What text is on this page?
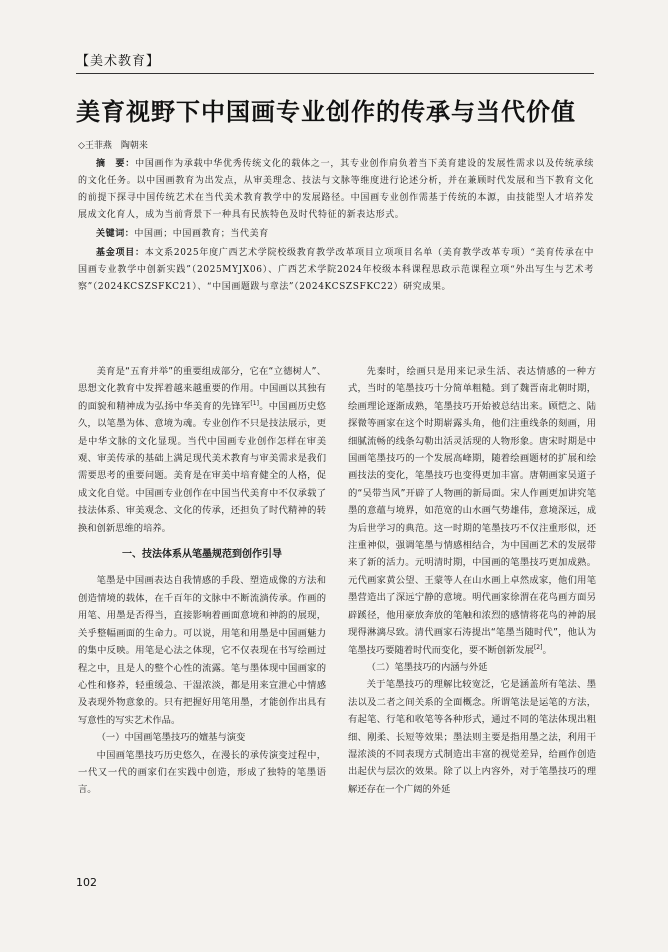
【美术教育】
美育视野下中国画专业创作的传承与当代价值
◇王菲燕　陶朝来

摘　要：中国画作为承载中华优秀传统文化的载体之一，其专业创作肩负着当下美育建设的发展性需求以及传统承续的文化任务。以中国画教育为出发点，从审美理念、技法与文脉等维度进行论述分析，并在兼顾时代发展和当下教育文化的前提下探寻中国传统艺术在当代美术教育教学中的发展路径。中国画专业创作需基于传统的本源，由技能型人才培养发展成文化育人，成为当前背景下一种具有民族特色及时代特征的新表达形式。

关键词：中国画；中国画教育；当代美育

基金项目：本文系2025年度广西艺术学院校级教育教学改革项目立项项目名单（美育教学改革专项）“美育传承在中国画专业教学中创新实践”（2025MYJX06）、广西艺术学院2024年校级本科课程思政示范课程立项“外出写生与艺术考察”（2024KCSZSFKC21）、“中国画题跋与章法”（2024KCSZSFKC22）研究成果。

美育是“五育并举”的重要组成部分，它在“立德树人”、思想文化教育中发挥着越来越重要的作用。中国画以其独有的面貌和精神成为弘扬中华美育的先锋军[1]。中国画历史悠久，以笔墨为体、意境为魂。专业创作不只是技法展示，更是中华文脉的文化显现。当代中国画专业创作怎样在审美观、审美传承的基础上满足现代美术教育与审美需求是我们需要思考的重要问题。美育是在审美中培育健全的人格，促成文化自觉。中国画专业创作在中国当代美育中不仅承载了技法体系、审美观念、文化的传承，还担负了时代精神的转换和创新思维的培养。

一、技法体系从笔墨规范到创作引导

笔墨是中国画表达自我情感的手段、塑造成像的方法和创造情境的载体，在千百年的文脉中不断流淌传承。作画的用笔、用墨是否得当，直接影响着画面意境和神韵的展现，关乎整幅画面的生命力。可以说，用笔和用墨是中国画魅力的集中反映。用笔是心法之体现，它不仅表现在书写绘画过程之中，且是人的整个心性的流露。笔与墨体现中国画家的心性和修养，轻重缓急、干湿浓淡，都是用来宣泄心中情感及表现外物意象的。只有把握好用笔用墨，才能创作出具有写意性的写实艺术作品。

（一）中国画笔墨技巧的嬗基与演变

中国画笔墨技巧历史悠久，在漫长的承传演变过程中，一代又一代的画家们在实践中创造，形成了独特的笔墨语言。

先秦时，绘画只是用来记录生活、表达情感的一种方式，当时的笔墨技巧十分简单粗糙。到了魏晋南北朝时期，绘画理论逐渐成熟，笔墨技巧开始被总结出来。顾恺之、陆探微等画家在这个时期崭露头角，他们注重线条的刻画，用细腻流畅的线条勾勒出活灵活现的人物形象。唐宋时期是中国画笔墨技巧的一个发展高峰期，随着绘画题材的扩展和绘画技法的变化，笔墨技巧也变得更加丰富。唐朝画家吴道子的“吴带当风”开辟了人物画的新局面。宋人作画更加讲究笔墨的意蕴与境界，如范宽的山水画气势雄伟，意境深远，成为后世学习的典范。这一时期的笔墨技巧不仅注重形似，还注重神似，强调笔墨与情感相结合，为中国画艺术的发展带来了新的活力。元明清时期，中国画的笔墨技巧更加成熟。元代画家黄公望、王蒙等人在山水画上卓然成家，他们用笔墨营造出了深远宁静的意境。明代画家徐渭在花鸟画方面另辟蹊径，他用豪放奔放的笔触和浓烈的感情将花鸟的神韵展现得淋漓尽致。清代画家石涛提出“笔墨当随时代”，他认为笔墨技巧要随着时代而变化，要不断创新发展[2]。

（二）笔墨技巧的内涵与外延

关于笔墨技巧的理解比较宽泛，它是涵盖所有笔法、墨法以及二者之间关系的全面概念。所谓笔法是运笔的方法，有起笔、行笔和收笔等各种形式，通过不同的笔法体现出粗细、刚柔、长短等效果；墨法则主要是指用墨之法，利用干湿浓淡的不同表现方式制造出丰富的视觉差异，给画作创造出起伏与层次的效果。除了以上内容外，对于笔墨技巧的理解还存在一个广阔的外延

102
